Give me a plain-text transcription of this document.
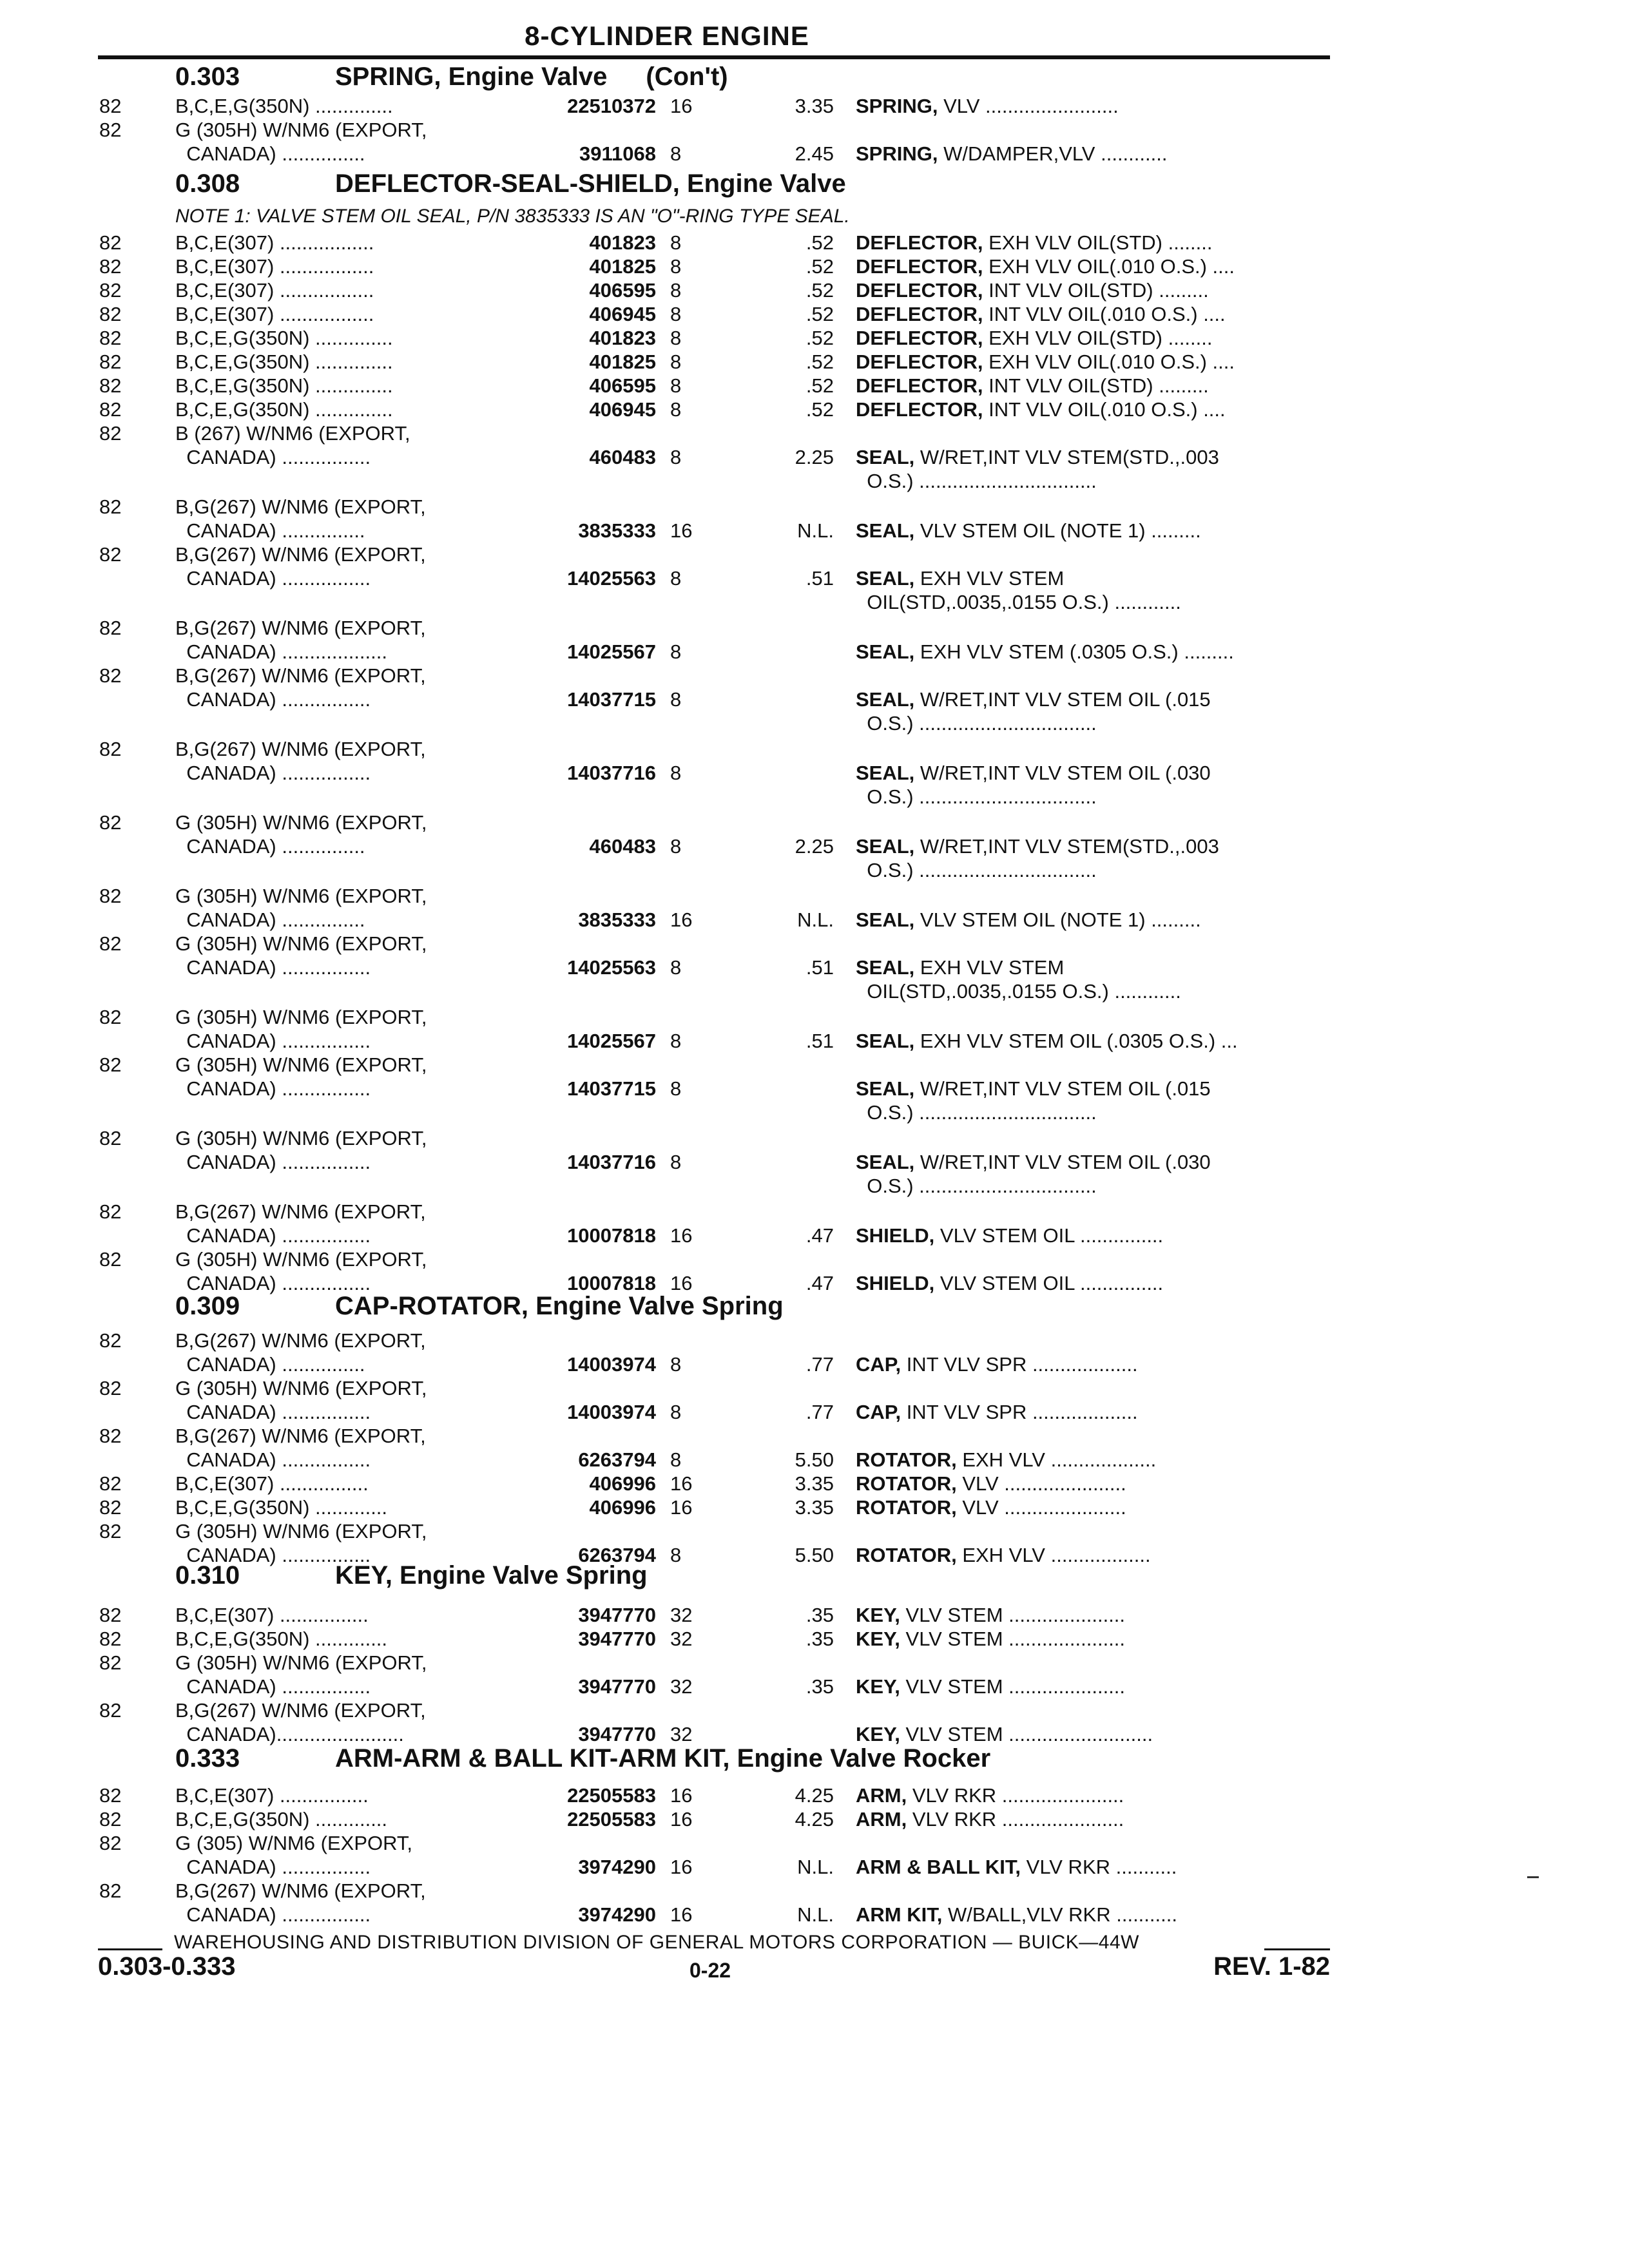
8-CYLINDER ENGINE
0.303	SPRING, Engine Valve (Con't)
0.308	DEFLECTOR-SEAL-SHIELD, Engine Valve
0.309	CAP-ROTATOR, Engine Valve Spring
0.310	KEY, Engine Valve Spring
0.333	ARM-ARM & BALL KIT-ARM KIT, Engine Valve Rocker
NOTE 1: VALVE STEM OIL SEAL, P/N 3835333 IS AN "O"-RING TYPE SEAL.
82	B,C,E,G(350N) ..............	22510372 16	3.35 SPRING, VLV ........................
82	G (305H) W/NM6 (EXPORT,
CANADA) ...............	3911068 8	2.45 SPRING, W/DAMPER,VLV ............
82	B,C,E(307) .................	401823 8	.52 DEFLECTOR, EXH VLV OIL(STD) ........
82	B,C,E(307) .................	401825 8	.52 DEFLECTOR, EXH VLV OIL(.010 O.S.) ....
82	B,C,E(307) .................	406595 8	.52 DEFLECTOR, INT VLV OIL(STD) .........
82	B,C,E(307) .................	406945 8	.52 DEFLECTOR, INT VLV OIL(.010 O.S.) ....
82	B,C,E,G(350N) ..............	401823 8	.52 DEFLECTOR, EXH VLV OIL(STD) ........
82	B,C,E,G(350N) ..............	401825 8	.52 DEFLECTOR, EXH VLV OIL(.010 O.S.) ....
82	B,C,E,G(350N) ..............	406595 8	.52 DEFLECTOR, INT VLV OIL(STD) .........
82	B,C,E,G(350N) ..............	406945 8	.52 DEFLECTOR, INT VLV OIL(.010 O.S.) ....
82	B (267) W/NM6 (EXPORT,
CANADA) ................	460483 8	2.25 SEAL, W/RET,INT VLV STEM(STD.,.003
O.S.) ................................
82	B,G(267) W/NM6 (EXPORT,
CANADA) ...............	3835333 16	N.L. SEAL, VLV STEM OIL (NOTE 1) .........
82	B,G(267) W/NM6 (EXPORT,
CANADA) ................	14025563 8	.51 SEAL, EXH VLV STEM
OIL(STD,.0035,.0155 O.S.) ............
82	B,G(267) W/NM6 (EXPORT,
CANADA) ...................	14025567 8	SEAL, EXH VLV STEM (.0305 O.S.) .........
82	B,G(267) W/NM6 (EXPORT,
CANADA) ................	14037715 8	SEAL, W/RET,INT VLV STEM OIL (.015
O.S.) ................................
82	B,G(267) W/NM6 (EXPORT,
CANADA) ................	14037716 8	SEAL, W/RET,INT VLV STEM OIL (.030
O.S.) ................................
82	G (305H) W/NM6 (EXPORT,
CANADA) ...............	460483 8	2.25 SEAL, W/RET,INT VLV STEM(STD.,.003
O.S.) ................................
82	G (305H) W/NM6 (EXPORT,
CANADA) ...............	3835333 16	N.L. SEAL, VLV STEM OIL (NOTE 1) .........
82	G (305H) W/NM6 (EXPORT,
CANADA) ................	14025563 8	.51 SEAL, EXH VLV STEM
OIL(STD,.0035,.0155 O.S.) ............
82	G (305H) W/NM6 (EXPORT,
CANADA) ................	14025567 8	.51 SEAL, EXH VLV STEM OIL (.0305 O.S.) ...
82	G (305H) W/NM6 (EXPORT,
CANADA) ................	14037715 8	SEAL, W/RET,INT VLV STEM OIL (.015
O.S.) ................................
82	G (305H) W/NM6 (EXPORT,
CANADA) ................	14037716 8	SEAL, W/RET,INT VLV STEM OIL (.030
O.S.) ................................
82	B,G(267) W/NM6 (EXPORT,
CANADA) ................	10007818 16	.47 SHIELD, VLV STEM OIL ...............
82	G (305H) W/NM6 (EXPORT,
CANADA) ................	10007818 16	.47 SHIELD, VLV STEM OIL ...............
82	B,G(267) W/NM6 (EXPORT,
CANADA) ...............	14003974 8	.77 CAP, INT VLV SPR ...................
82	G (305H) W/NM6 (EXPORT,
CANADA) ................	14003974 8	.77 CAP, INT VLV SPR ...................
82	B,G(267) W/NM6 (EXPORT,
CANADA) ................	6263794 8	5.50 ROTATOR, EXH VLV ...................
82	B,C,E(307) ................	406996 16	3.35 ROTATOR, VLV ......................
82	B,C,E,G(350N) .............	406996 16	3.35 ROTATOR, VLV ......................
82	G (305H) W/NM6 (EXPORT,
CANADA) ................	6263794 8	5.50 ROTATOR, EXH VLV ..................
82	B,C,E(307) ................	3947770 32	.35 KEY, VLV STEM .....................
82	B,C,E,G(350N) .............	3947770 32	.35 KEY, VLV STEM .....................
82	G (305H) W/NM6 (EXPORT,
CANADA) ................	3947770 32	.35 KEY, VLV STEM .....................
82	B,G(267) W/NM6 (EXPORT,
CANADA).......................	3947770 32	KEY, VLV STEM ..........................
82	B,C,E(307) ................	22505583 16	4.25 ARM, VLV RKR ......................
82	B,C,E,G(350N) .............	22505583 16	4.25 ARM, VLV RKR ......................
82	G (305) W/NM6 (EXPORT,
CANADA) ................	3974290 16	N.L. ARM & BALL KIT, VLV RKR ...........
82	B,G(267) W/NM6 (EXPORT,
CANADA) ................	3974290 16	N.L. ARM KIT, W/BALL,VLV RKR ...........
WAREHOUSING AND DISTRIBUTION DIVISION OF GENERAL MOTORS CORPORATION — BUICK—44W
0.303-0.333	0-22	REV. 1-82
